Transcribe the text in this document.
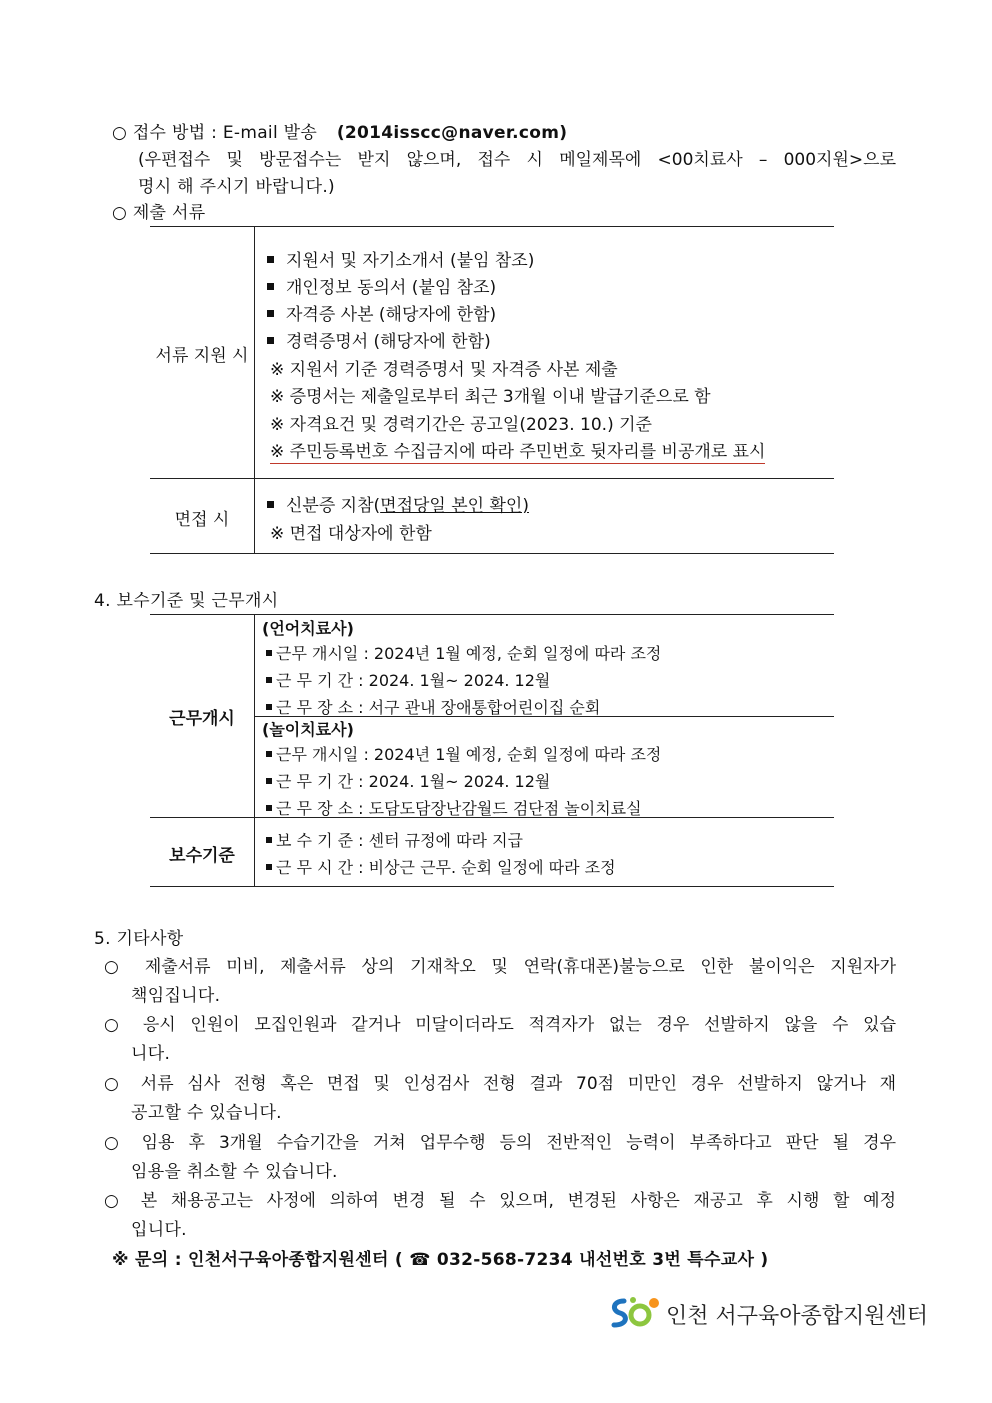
○ 접수 방법 : E-mail 발송 (2014isscc@naver.com)
(우편접수 및 방문접수는 받지 않으며, 접수 시 메일제목에 <00치료사 – 000지원>으로
명시 해 주시기 바랍니다.)
○ 제출 서류
서류 지원 시
지원서 및 자기소개서 (붙임 참조)
개인정보 동의서 (붙임 참조)
자격증 사본 (해당자에 한함)
경력증명서 (해당자에 한함)
※ 지원서 기준 경력증명서 및 자격증 사본 제출
※ 증명서는 제출일로부터 최근 3개월 이내 발급기준으로 함
※ 자격요건 및 경력기간은 공고일(2023. 10.) 기준
※ 주민등록번호 수집금지에 따라 주민번호 뒷자리를 비공개로 표시
면접 시
신분증 지참(면접당일 본인 확인)
※ 면접 대상자에 한함
4. 보수기준 및 근무개시
근무개시
(언어치료사)
근무 개시일 : 2024년 1월 예정, 순회 일정에 따라 조정
근 무 기 간 : 2024. 1월~ 2024. 12월
근 무 장 소 : 서구 관내 장애통합어린이집 순회
(놀이치료사)
근무 개시일 : 2024년 1월 예정, 순회 일정에 따라 조정
근 무 기 간 : 2024. 1월~ 2024. 12월
근 무 장 소 : 도담도담장난감월드 검단점 놀이치료실
보수기준
보 수 기 준 : 센터 규정에 따라 지급
근 무 시 간 : 비상근 근무. 순회 일정에 따라 조정
5. 기타사항
○ 제출서류 미비, 제출서류 상의 기재착오 및 연락(휴대폰)불능으로 인한 불이익은 지원자가
책임집니다.
○ 응시 인원이 모집인원과 같거나 미달이더라도 적격자가 없는 경우 선발하지 않을 수 있습
니다.
○ 서류 심사 전형 혹은 면접 및 인성검사 전형 결과 70점 미만인 경우 선발하지 않거나 재
공고할 수 있습니다.
○ 임용 후 3개월 수습기간을 거쳐 업무수행 등의 전반적인 능력이 부족하다고 판단 될 경우
임용을 취소할 수 있습니다.
○ 본 채용공고는 사정에 의하여 변경 될 수 있으며, 변경된 사항은 재공고 후 시행 할 예정
입니다.
※ 문의 : 인천서구육아종합지원센터 ( ☎ 032-568-7234 내선번호 3번 특수교사 )
인천 서구육아종합지원센터
